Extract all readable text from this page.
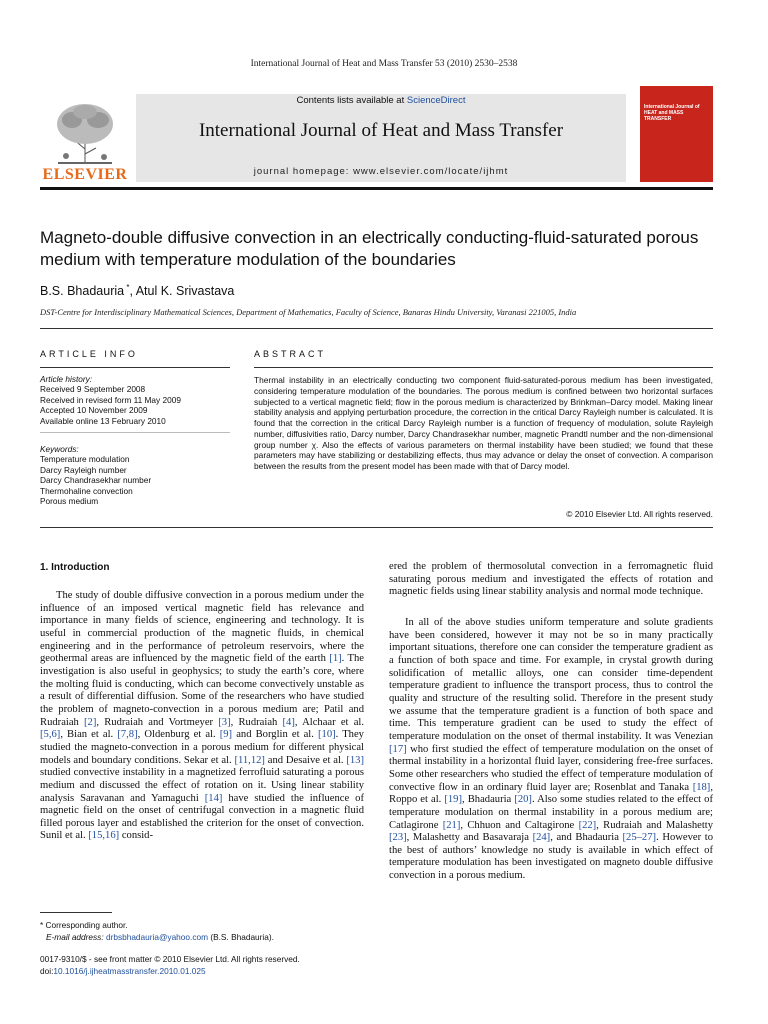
International Journal of Heat and Mass Transfer 53 (2010) 2530–2538
ELSEVIER
Contents lists available at ScienceDirect
International Journal of Heat and Mass Transfer
journal homepage: www.elsevier.com/locate/ijhmt
International Journal of HEAT and MASS TRANSFER
Magneto-double diffusive convection in an electrically conducting-fluid-saturated porous medium with temperature modulation of the boundaries
B.S. Bhadauria *, Atul K. Srivastava
DST-Centre for Interdisciplinary Mathematical Sciences, Department of Mathematics, Faculty of Science, Banaras Hindu University, Varanasi 221005, India
ARTICLE INFO
Article history:
Received 9 September 2008
Received in revised form 11 May 2009
Accepted 10 November 2009
Available online 13 February 2010
Keywords:
Temperature modulation
Darcy Rayleigh number
Darcy Chandrasekhar number
Thermohaline convection
Porous medium
ABSTRACT
Thermal instability in an electrically conducting two component fluid-saturated-porous medium has been investigated, considering temperature modulation of the boundaries. The porous medium is confined between two horizontal surfaces subjected to a vertical magnetic field; flow in the porous medium is characterized by Brinkman–Darcy model. Making linear stability analysis and applying perturbation procedure, the correction in the critical Darcy Rayleigh number is calculated. It is found that the correction in the critical Darcy Rayleigh number is a function of frequency of modulation, solute Rayleigh number, diffusivities ratio, Darcy number, Darcy Chandrasekhar number, magnetic Prandtl number and the non-dimensional group number χ. Also the effects of various parameters on thermal instability have been studied; we found that these parameters may have stabilizing or destabilizing effects, thus may advance or delay the onset of convection. A comparison between the results from the present model has been made with that of Darcy model.
© 2010 Elsevier Ltd. All rights reserved.
1. Introduction
The study of double diffusive convection in a porous medium under the influence of an imposed vertical magnetic field has relevance and importance in many fields of science, engineering and technology. It is useful in commercial production of the magnetic fluids, in chemical engineering and in the performance of petroleum reservoirs, where the geothermal areas are influenced by the magnetic field of the earth [1]. The investigation is also useful in geophysics; to study the earth’s core, where the molting fluid is conducting, which can become convectively unstable as a result of differential diffusion. Some of the researchers who have studied the problem of magneto-convection in a porous medium are; Patil and Rudraiah [2], Rudraiah and Vortmeyer [3], Rudraiah [4], Alchaar et al. [5,6], Bian et al. [7,8], Oldenburg et al. [9] and Borglin et al. [10]. They studied the magneto-convection in a porous medium for different physical models and boundary conditions. Sekar et al. [11,12] and Desaive et al. [13] studied convective instability in a magnetized ferrofluid saturating a porous medium and discussed the effect of rotation on it. Using linear stability analysis Saravanan and Yamaguchi [14] have studied the influence of magnetic field on the onset of centrifugal convection in a magnetic fluid filled porous layer and established the criterion for the onset of convection. Sunil et al. [15,16] consid-
ered the problem of thermosolutal convection in a ferromagnetic fluid saturating porous medium and investigated the effects of rotation and magnetic fields using linear stability analysis and normal mode technique.
In all of the above studies uniform temperature and solute gradients have been considered, however it may not be so in many practically important situations, therefore one can consider the temperature gradient as a function of both space and time. For example, in crystal growth during solidification of metallic alloys, one can consider time-dependent temperature gradient to influence the transport process, thus to control the quality and structure of the resulting solid. Therefore in the present study we assume that the temperature gradient is a function of both space and time. This temperature gradient can be used to study the effect of temperature modulation on the onset of thermal instability. It was Venezian [17] who first studied the effect of temperature modulation on the onset of thermal instability in a horizontal fluid layer, considering free-free surfaces. Some other researchers who studied the effect of temperature modulation of convective flow in an ordinary fluid layer are; Rosenblat and Tanaka [18], Roppo et al. [19], Bhadauria [20]. Also some studies related to the effect of temperature modulation on thermal instability in a porous medium are; Catlagirone [21], Chhuon and Caltagirone [22], Rudraiah and Malashetty [23], Malashetty and Basavaraja [24], and Bhadauria [25–27]. However to the best of authors’ knowledge no study is available in which effect of temperature modulation has been investigated on magneto double diffusive convection in a porous medium.
* Corresponding author.
E-mail address: drbsbhadauria@yahoo.com (B.S. Bhadauria).
0017-9310/$ - see front matter © 2010 Elsevier Ltd. All rights reserved.
doi:10.1016/j.ijheatmasstransfer.2010.01.025
